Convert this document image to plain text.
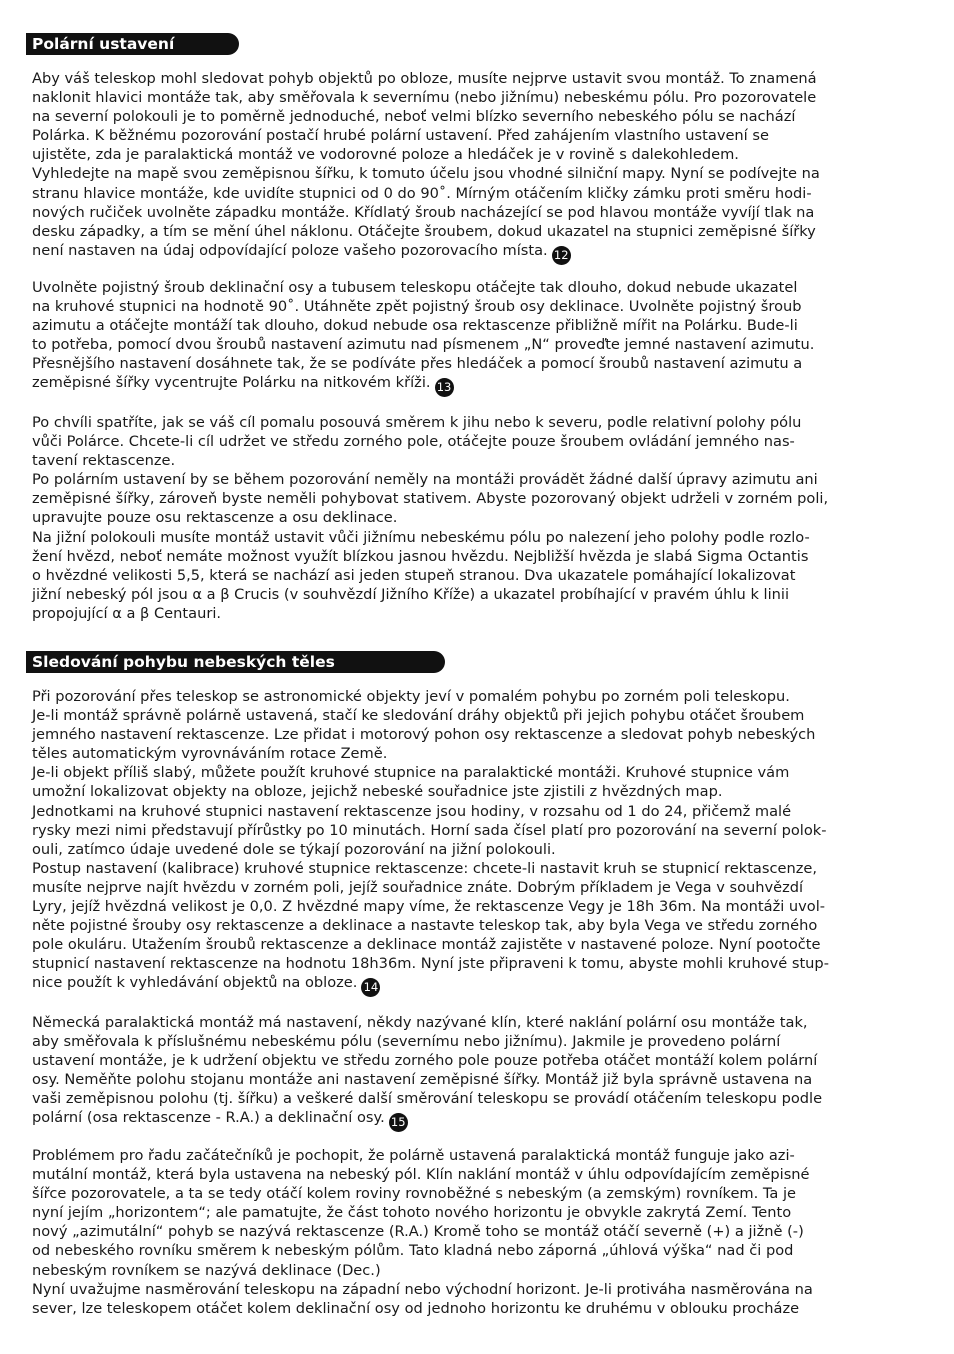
Polární ustavení
Aby váš teleskop mohl sledovat pohyb objektů po obloze, musíte nejprve ustavit svou montáž. To znamená
naklonit hlavici montáže tak, aby směřovala k severnímu (nebo jižnímu) nebeskému pólu. Pro pozorovatele
na severní polokouli je to poměrně jednoduché, neboť velmi blízko severního nebeského pólu se nachází
Polárka. K běžnému pozorování postačí hrubé polární ustavení. Před zahájením vlastního ustavení se
ujistěte, zda je paralaktická montáž ve vodorovné poloze a hledáček je v rovině s dalekohledem.
Vyhledejte na mapě svou zeměpisnou šířku, k tomuto účelu jsou vhodné silniční mapy. Nyní se podívejte na
stranu hlavice montáže, kde uvidíte stupnici od 0 do 90˚. Mírným otáčením kličky zámku proti směru hodi-
nových ručiček uvolněte západku montáže. Křídlatý šroub nacházející se pod hlavou montáže vyvíjí tlak na
desku západky, a tím se mění úhel náklonu. Otáčejte šroubem, dokud ukazatel na stupnici zeměpisné šířky
není nastaven na údaj odpovídající poloze vašeho pozorovacího místa. 12
Uvolněte pojistný šroub deklinační osy a tubusem teleskopu otáčejte tak dlouho, dokud nebude ukazatel
na kruhové stupnici na hodnotě 90˚. Utáhněte zpět pojistný šroub osy deklinace. Uvolněte pojistný šroub
azimutu a otáčejte montáží tak dlouho, dokud nebude osa rektascenze přibližně mířit na Polárku. Bude-li
to potřeba, pomocí dvou šroubů nastavení azimutu nad písmenem „N“ proveďte jemné nastavení azimutu.
Přesnějšího nastavení dosáhnete tak, že se podíváte přes hledáček a pomocí šroubů nastavení azimutu a
zeměpisné šířky vycentrujte Polárku na nitkovém kříži. 13
Po chvíli spatříte, jak se váš cíl pomalu posouvá směrem k jihu nebo k severu, podle relativní polohy pólu
vůči Polárce. Chcete-li cíl udržet ve středu zorného pole, otáčejte pouze šroubem ovládání jemného nas-
tavení rektascenze.
Po polárním ustavení by se během pozorování neměly na montáži provádět žádné další úpravy azimutu ani
zeměpisné šířky, zároveň byste neměli pohybovat stativem. Abyste pozorovaný objekt udrželi v zorném poli,
upravujte pouze osu rektascenze a osu deklinace.
Na jižní polokouli musíte montáž ustavit vůči jižnímu nebeskému pólu po nalezení jeho polohy podle rozlo-
žení hvězd, neboť nemáte možnost využít blízkou jasnou hvězdu. Nejbližší hvězda je slabá Sigma Octantis
o hvězdné velikosti 5,5, která se nachází asi jeden stupeň stranou. Dva ukazatele pomáhající lokalizovat
jižní nebeský pól jsou α a β Crucis (v souhvězdí Jižního Kříže) a ukazatel probíhající v pravém úhlu k linii
propojující α a β Centauri.
Sledování pohybu nebeských těles
Při pozorování přes teleskop se astronomické objekty jeví v pomalém pohybu po zorném poli teleskopu.
Je-li montáž správně polárně ustavená, stačí ke sledování dráhy objektů při jejich pohybu otáčet šroubem
jemného nastavení rektascenze. Lze přidat i motorový pohon osy rektascenze a sledovat pohyb nebeských
těles automatickým vyrovnáváním rotace Země.
Je-li objekt příliš slabý, můžete použít kruhové stupnice na paralaktické montáži. Kruhové stupnice vám
umožní lokalizovat objekty na obloze, jejichž nebeské souřadnice jste zjistili z hvězdných map.
Jednotkami na kruhové stupnici nastavení rektascenze jsou hodiny, v rozsahu od 1 do 24, přičemž malé
rysky mezi nimi představují přírůstky po 10 minutách. Horní sada čísel platí pro pozorování na severní polok-
ouli, zatímco údaje uvedené dole se týkají pozorování na jižní polokouli.
Postup nastavení (kalibrace) kruhové stupnice rektascenze: chcete-li nastavit kruh se stupnicí rektascenze,
musíte nejprve najít hvězdu v zorném poli, jejíž souřadnice znáte. Dobrým příkladem je Vega v souhvězdí
Lyry, jejíž hvězdná velikost je 0,0. Z hvězdné mapy víme, že rektascenze Vegy je 18h 36m. Na montáži uvol-
něte pojistné šrouby osy rektascenze a deklinace a nastavte teleskop tak, aby byla Vega ve středu zorného
pole okuláru. Utažením šroubů rektascenze a deklinace montáž zajistěte v nastavené poloze. Nyní pootočte
stupnicí nastavení rektascenze na hodnotu 18h36m. Nyní jste připraveni k tomu, abyste mohli kruhové stup-
nice použít k vyhledávání objektů na obloze. 14
Německá paralaktická montáž má nastavení, někdy nazývané klín, které naklání polární osu montáže tak,
aby směřovala k příslušnému nebeskému pólu (severnímu nebo jižnímu). Jakmile je provedeno polární
ustavení montáže, je k udržení objektu ve středu zorného pole pouze potřeba otáčet montáží kolem polární
osy. Neměňte polohu stojanu montáže ani nastavení zeměpisné šířky. Montáž již byla správně ustavena na
vaši zeměpisnou polohu (tj. šířku) a veškeré další směrování teleskopu se provádí otáčením teleskopu podle
polární (osa rektascenze - R.A.) a deklinační osy. 15
Problémem pro řadu začátečníků je pochopit, že polárně ustavená paralaktická montáž funguje jako azi-
mutální montáž, která byla ustavena na nebeský pól. Klín naklání montáž v úhlu odpovídajícím zeměpisné
šířce pozorovatele, a ta se tedy otáčí kolem roviny rovnoběžné s nebeským (a zemským) rovníkem. Ta je
nyní jejím „horizontem“; ale pamatujte, že část tohoto nového horizontu je obvykle zakrytá Zemí. Tento
nový „azimutální“ pohyb se nazývá rektascenze (R.A.) Kromě toho se montáž otáčí severně (+) a jižně (-)
od nebeského rovníku směrem k nebeským pólům. Tato kladná nebo záporná „úhlová výška“ nad či pod
nebeským rovníkem se nazývá deklinace (Dec.)
Nyní uvažujme nasměrování teleskopu na západní nebo východní horizont. Je-li protiváha nasměrována na
sever, lze teleskopem otáčet kolem deklinační osy od jednoho horizontu ke druhému v oblouku procháze
